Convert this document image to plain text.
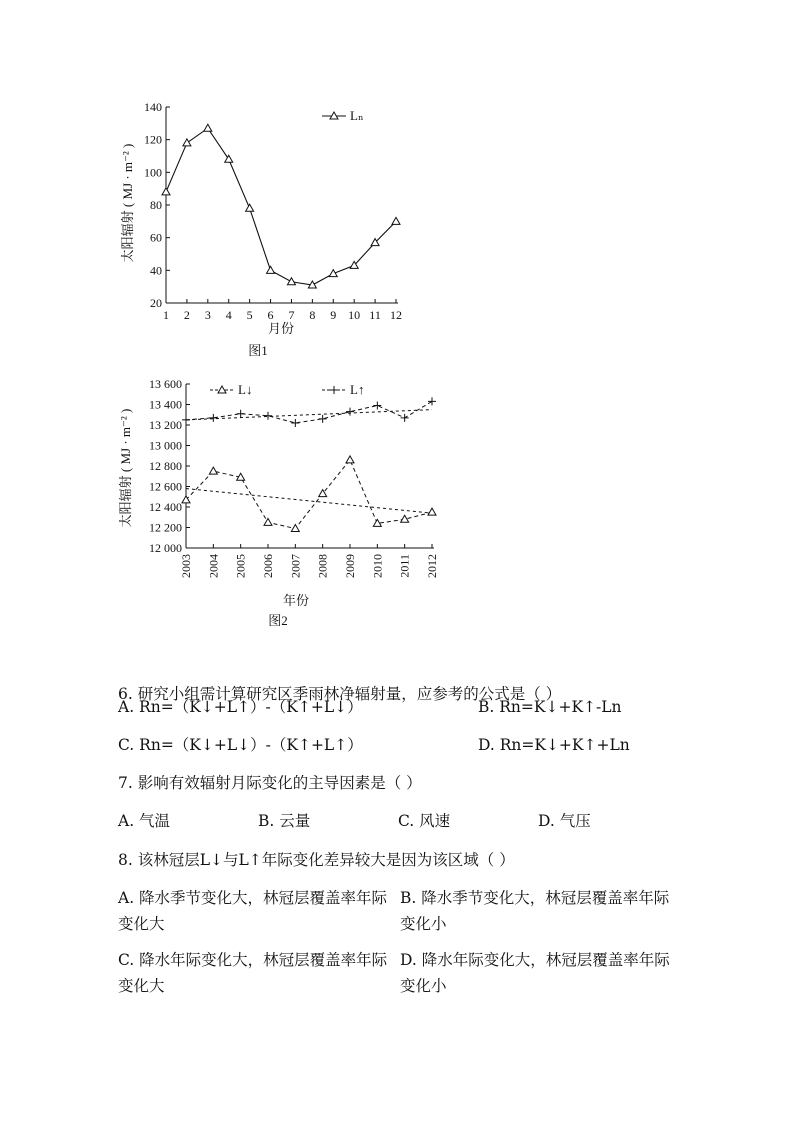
20
40
60
80
100
120
140
1 2 3 4 5 6 7 8 9 10 11 12
月份
太阳辐射 ( MJ · m⁻² )
图1
Lₙ
12 000
12 200
12 400
12 600
12 800
13 000
13 200
13 400
13 600
2003 2004 2005 2006 2007 2008 2009 2010 2011 2012
年份
太阳辐射 ( MJ · m⁻² )
图2
L↓	L↑
6. 研究小组需计算研究区季雨林净辐射量，应参考的公式是（ ）
A. Rn=（K↓+L↑）-（K↑+L↓）	B. Rn=K↓+K↑-Ln
C. Rn=（K↓+L↓）-（K↑+L↑）	D. Rn=K↓+K↑+Ln
7. 影响有效辐射月际变化的主导因素是（ ）
A. 气温	B. 云量	C. 风速	D. 气压
8. 该林冠层L↓与L↑年际变化差异较大是因为该区域（ ）
A. 降水季节变化大，林冠层覆盖率年际变化大
B. 降水季节变化大，林冠层覆盖率年际变化小
C. 降水年际变化大，林冠层覆盖率年际变化大
D. 降水年际变化大，林冠层覆盖率年际变化小
